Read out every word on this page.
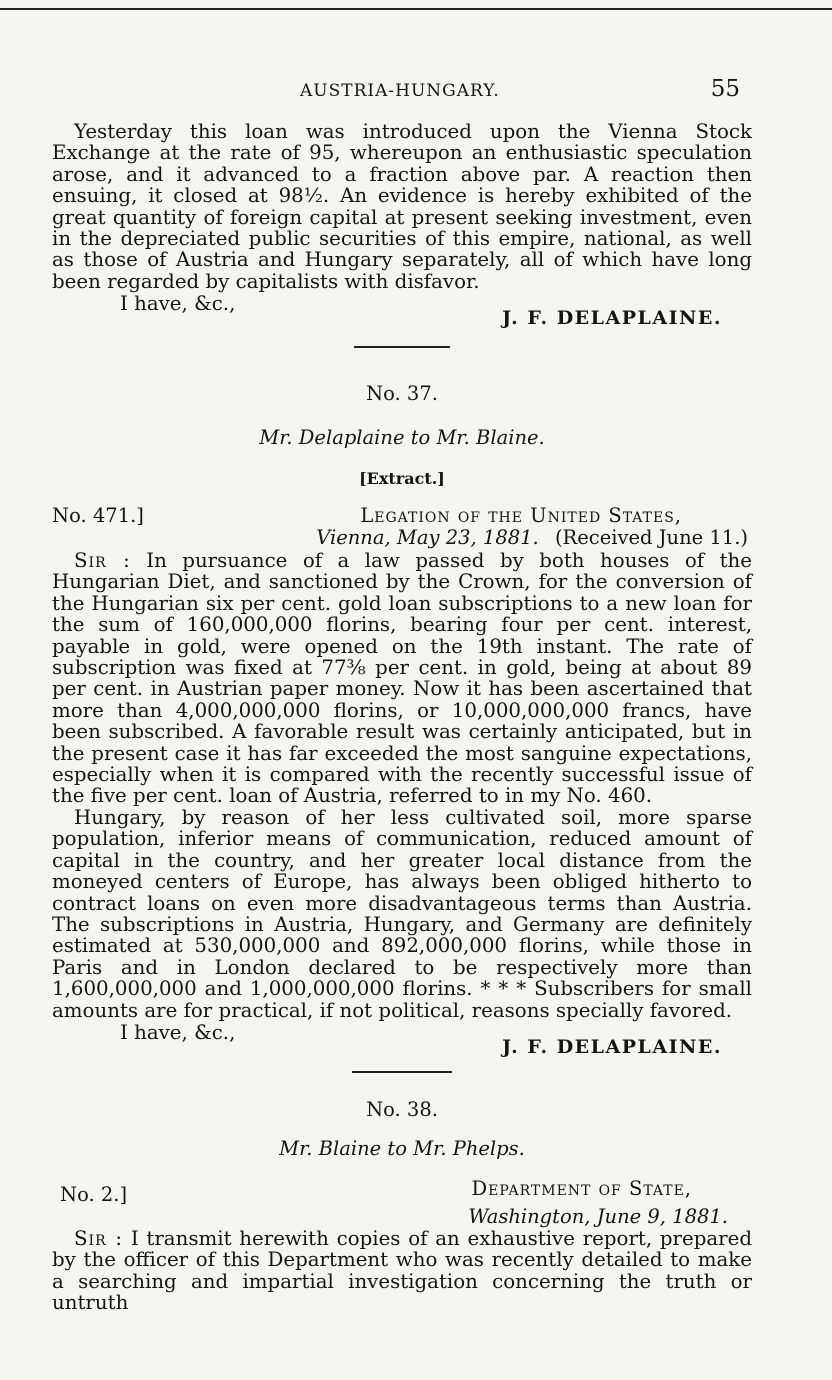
AUSTRIA-HUNGARY.	55

Yesterday this loan was introduced upon the Vienna Stock Exchange at the rate of 95, whereupon an enthusiastic speculation arose, and it advanced to a fraction above par. A reaction then ensuing, it closed at 98½. An evidence is hereby exhibited of the great quantity of foreign capital at present seeking investment, even in the depreciated public securities of this empire, national, as well as those of Austria and Hungary separately, all of which have long been regarded by capitalists with disfavor.

I have, &c.,
J. F. DELAPLAINE.
No. 37.
Mr. Delaplaine to Mr. Blaine.
[Extract.]
No. 471.]	Legation of the United States,
Vienna, May 23, 1881. (Received June 11.)

Sir : In pursuance of a law passed by both houses of the Hungarian Diet, and sanctioned by the Crown, for the conversion of the Hungarian six per cent. gold loan subscriptions to a new loan for the sum of 160,000,000 florins, bearing four per cent. interest, payable in gold, were opened on the 19th instant. The rate of subscription was fixed at 77⅜ per cent. in gold, being at about 89 per cent. in Austrian paper money. Now it has been ascertained that more than 4,000,000,000 florins, or 10,000,000,000 francs, have been subscribed. A favorable result was certainly anticipated, but in the present case it has far exceeded the most sanguine expectations, especially when it is compared with the recently successful issue of the five per cent. loan of Austria, referred to in my No. 460.

Hungary, by reason of her less cultivated soil, more sparse population, inferior means of communication, reduced amount of capital in the country, and her greater local distance from the moneyed centers of Europe, has always been obliged hitherto to contract loans on even more disadvantageous terms than Austria. The subscriptions in Austria, Hungary, and Germany are definitely estimated at 530,000,000 and 892,000,000 florins, while those in Paris and in London declared to be respectively more than 1,600,000,000 and 1,000,000,000 florins. * * * Subscribers for small amounts are for practical, if not political, reasons specially favored.

I have, &c.,
J. F. DELAPLAINE.
No. 38.
Mr. Blaine to Mr. Phelps.
No. 2.]	Department of State,
Washington, June 9, 1881.

Sir : I transmit herewith copies of an exhaustive report, prepared by the officer of this Department who was recently detailed to make a searching and impartial investigation concerning the truth or untruth
